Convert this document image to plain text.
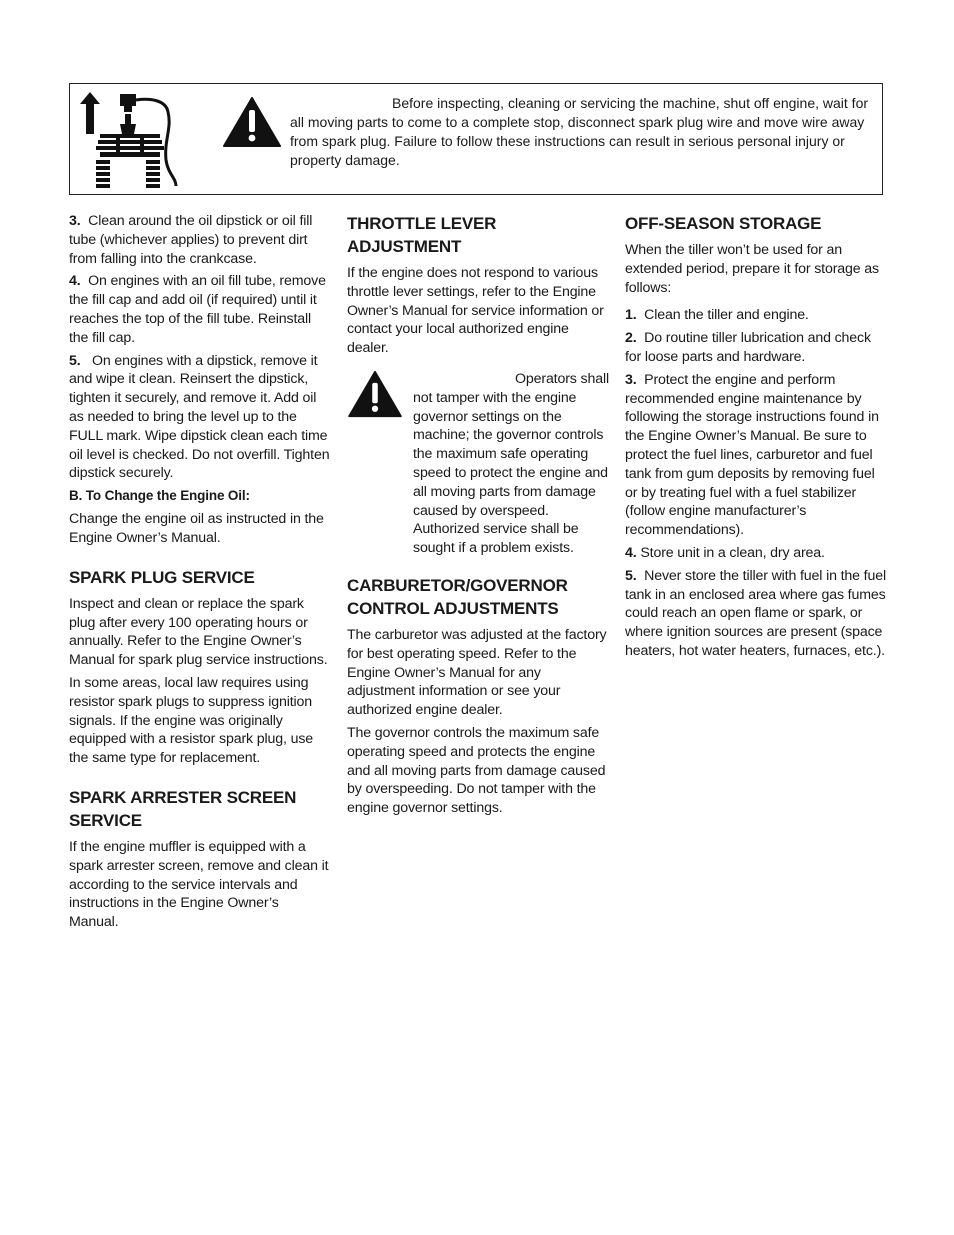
Before inspecting, cleaning or servicing the machine, shut off engine, wait for all moving parts to come to a complete stop, disconnect spark plug wire and move wire away from spark plug. Failure to follow these instructions can result in serious personal injury or property damage.

3. Clean around the oil dipstick or oil fill tube (whichever applies) to prevent dirt from falling into the crankcase.

4. On engines with an oil fill tube, remove the fill cap and add oil (if required) until it reaches the top of the fill tube. Reinstall the fill cap.

5. On engines with a dipstick, remove it and wipe it clean. Reinsert the dipstick, tighten it securely, and remove it. Add oil as needed to bring the level up to the FULL mark. Wipe dipstick clean each time oil level is checked. Do not overfill. Tighten dipstick securely.

B. To Change the Engine Oil:

Change the engine oil as instructed in the Engine Owner’s Manual.

SPARK PLUG SERVICE

Inspect and clean or replace the spark plug after every 100 operating hours or annually. Refer to the Engine Owner’s Manual for spark plug service instructions.

In some areas, local law requires using resistor spark plugs to suppress ignition signals. If the engine was originally equipped with a resistor spark plug, use the same type for replacement.

SPARK ARRESTER SCREEN SERVICE

If the engine muffler is equipped with a spark arrester screen, remove and clean it according to the service intervals and instructions in the Engine Owner’s Manual.

THROTTLE LEVER ADJUSTMENT

If the engine does not respond to various throttle lever settings, refer to the Engine Owner’s Manual for service information or contact your local authorized engine dealer.

Operators shall not tamper with the engine governor settings on the machine; the governor controls the maximum safe operating speed to protect the engine and all moving parts from damage caused by overspeed. Authorized service shall be sought if a problem exists.
CARBURETOR/GOVERNOR CONTROL ADJUSTMENTS

The carburetor was adjusted at the factory for best operating speed. Refer to the Engine Owner’s Manual for any adjustment information or see your authorized engine dealer.

The governor controls the maximum safe operating speed and protects the engine and all moving parts from damage caused by overspeeding. Do not tamper with the engine governor settings.

OFF-SEASON STORAGE

When the tiller won’t be used for an extended period, prepare it for storage as follows:

1. Clean the tiller and engine.

2. Do routine tiller lubrication and check for loose parts and hardware.

3. Protect the engine and perform recommended engine maintenance by following the storage instructions found in the Engine Owner’s Manual. Be sure to protect the fuel lines, carburetor and fuel tank from gum deposits by removing fuel or by treating fuel with a fuel stabilizer (follow engine manufacturer’s recommendations).

4. Store unit in a clean, dry area.

5. Never store the tiller with fuel in the fuel tank in an enclosed area where gas fumes could reach an open flame or spark, or where ignition sources are present (space heaters, hot water heaters, furnaces, etc.).
